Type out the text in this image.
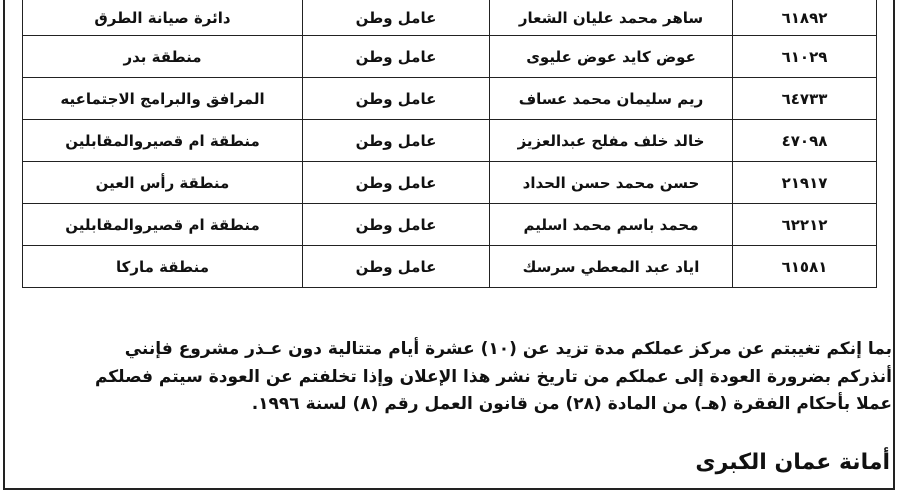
٦١٨٩٢	ساهر محمد عليان الشعار	عامل وطن	دائرة صيانة الطرق
٦١٠٢٩	عوض كايد عوض عليوى	عامل وطن	منطقة بدر
٦٤٧٣٣	ريم سليمان محمد عساف	عامل وطن	المرافق والبرامج الاجتماعيه
٤٧٠٩٨	خالد خلف مفلح عبدالعزيز	عامل وطن	منطقة ام قصيروالمقابلين
٢١٩١٧	حسن محمد حسن الحداد	عامل وطن	منطقة رأس العين
٦٢٢١٢	محمد باسم محمد اسليم	عامل وطن	منطقة ام قصيروالمقابلين
٦١٥٨١	اياد عبد المعطي سرسك	عامل وطن	منطقة ماركا

بما إنكم تغيبتم عن مركز عملكم مدة تزيد عن (١٠) عشرة أيام متتالية دون عـذر مشروع فإنني

أنذركم بضرورة العودة إلى عملكم من تاريخ نشر هذا الإعلان وإذا تخلفتم عن العودة سيتم فصلكم

عملا بأحكام الفقرة (هـ) من المادة (٢٨) من قانون العمل رقم (٨) لسنة ١٩٩٦.

أمانة عمان الكبرى
